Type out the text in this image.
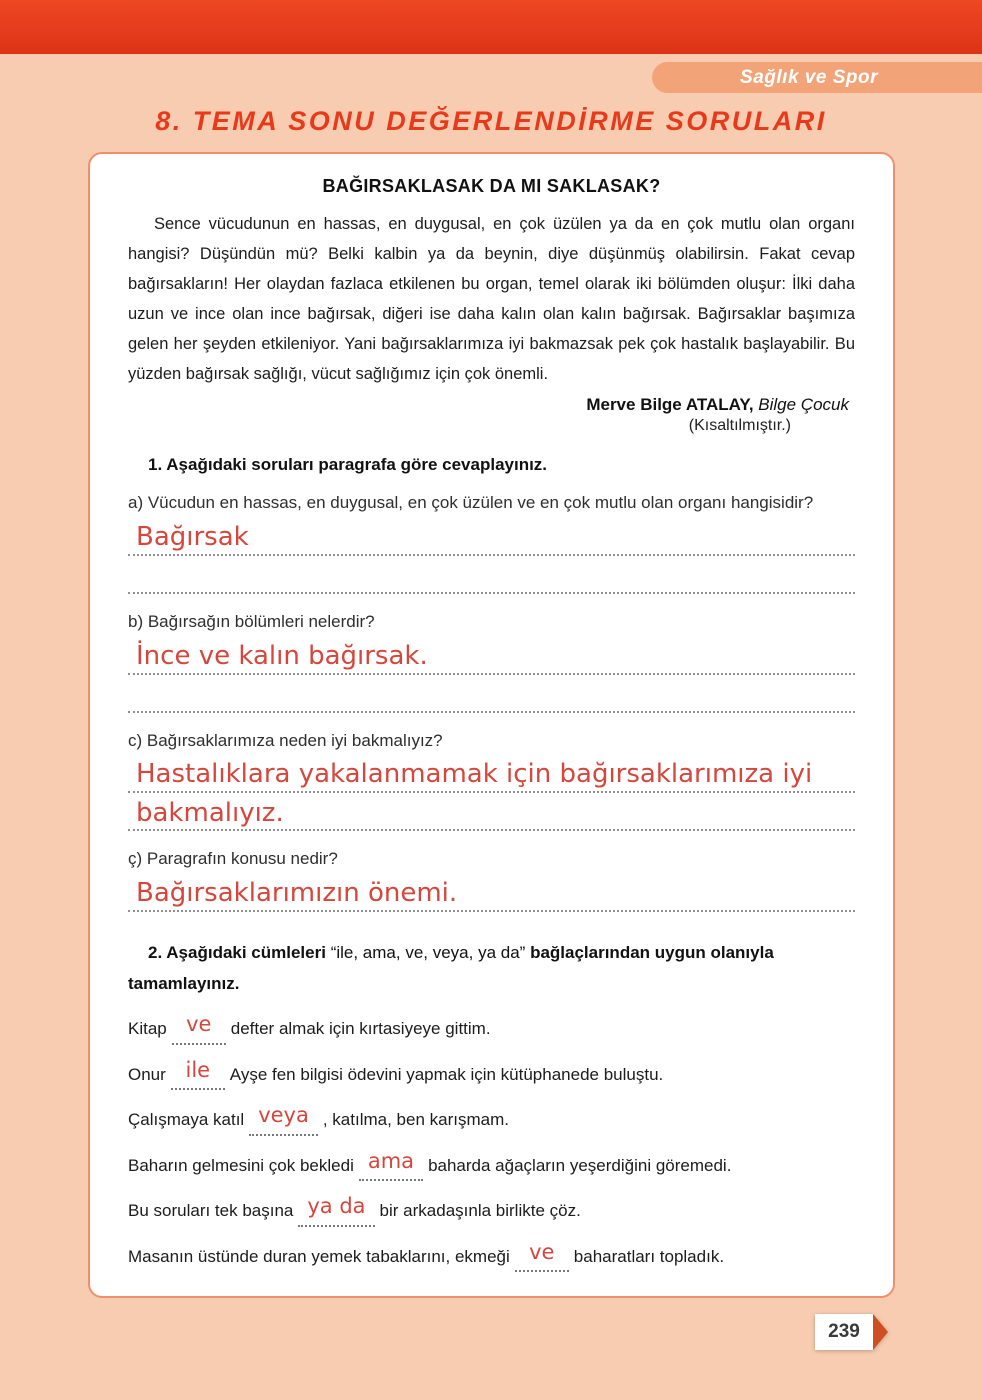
Sağlık ve Spor
8. TEMA SONU DEĞERLENDİRME SORULARI
BAĞIRSAKLASAK DA MI SAKLASAK?

Sence vücudunun en hassas, en duygusal, en çok üzülen ya da en çok mutlu olan organı hangisi? Düşündün mü? Belki kalbin ya da beynin, diye düşünmüş olabilirsin. Fakat cevap bağırsakların! Her olaydan fazlaca etkilenen bu organ, temel olarak iki bölümden oluşur: İlki daha uzun ve ince olan ince bağırsak, diğeri ise daha kalın olan kalın bağırsak. Bağırsaklar başımıza gelen her şeyden etkileniyor. Yani bağırsaklarımıza iyi bakmazsak pek çok hastalık başlayabilir. Bu yüzden bağırsak sağlığı, vücut sağlığımız için çok önemli.

Merve Bilge ATALAY, Bilge Çocuk

(Kısaltılmıştır.)

1. Aşağıdaki soruları paragrafa göre cevaplayınız.

a) Vücudun en hassas, en duygusal, en çok üzülen ve en çok mutlu olan organı hangisidir?

Bağırsak

b) Bağırsağın bölümleri nelerdir?

İnce ve kalın bağırsak.

c) Bağırsaklarımıza neden iyi bakmalıyız?

Hastalıklara yakalanmamak için bağırsaklarımıza iyi bakmalıyız.

ç) Paragrafın konusu nedir?

Bağırsaklarımızın önemi.

2. Aşağıdaki cümleleri “ile, ama, ve, veya, ya da” bağlaçlarından uygun olanıyla tamamlayınız.

Kitap ve defter almak için kırtasiyeye gittim.

Onur ile Ayşe fen bilgisi ödevini yapmak için kütüphanede buluştu.

Çalışmaya katıl veya , katılma, ben karışmam.

Baharın gelmesini çok bekledi ama baharda ağaçların yeşerdiğini göremedi.

Bu soruları tek başına ya da bir arkadaşınla birlikte çöz.

Masanın üstünde duran yemek tabaklarını, ekmeği ve baharatları topladık.

239
